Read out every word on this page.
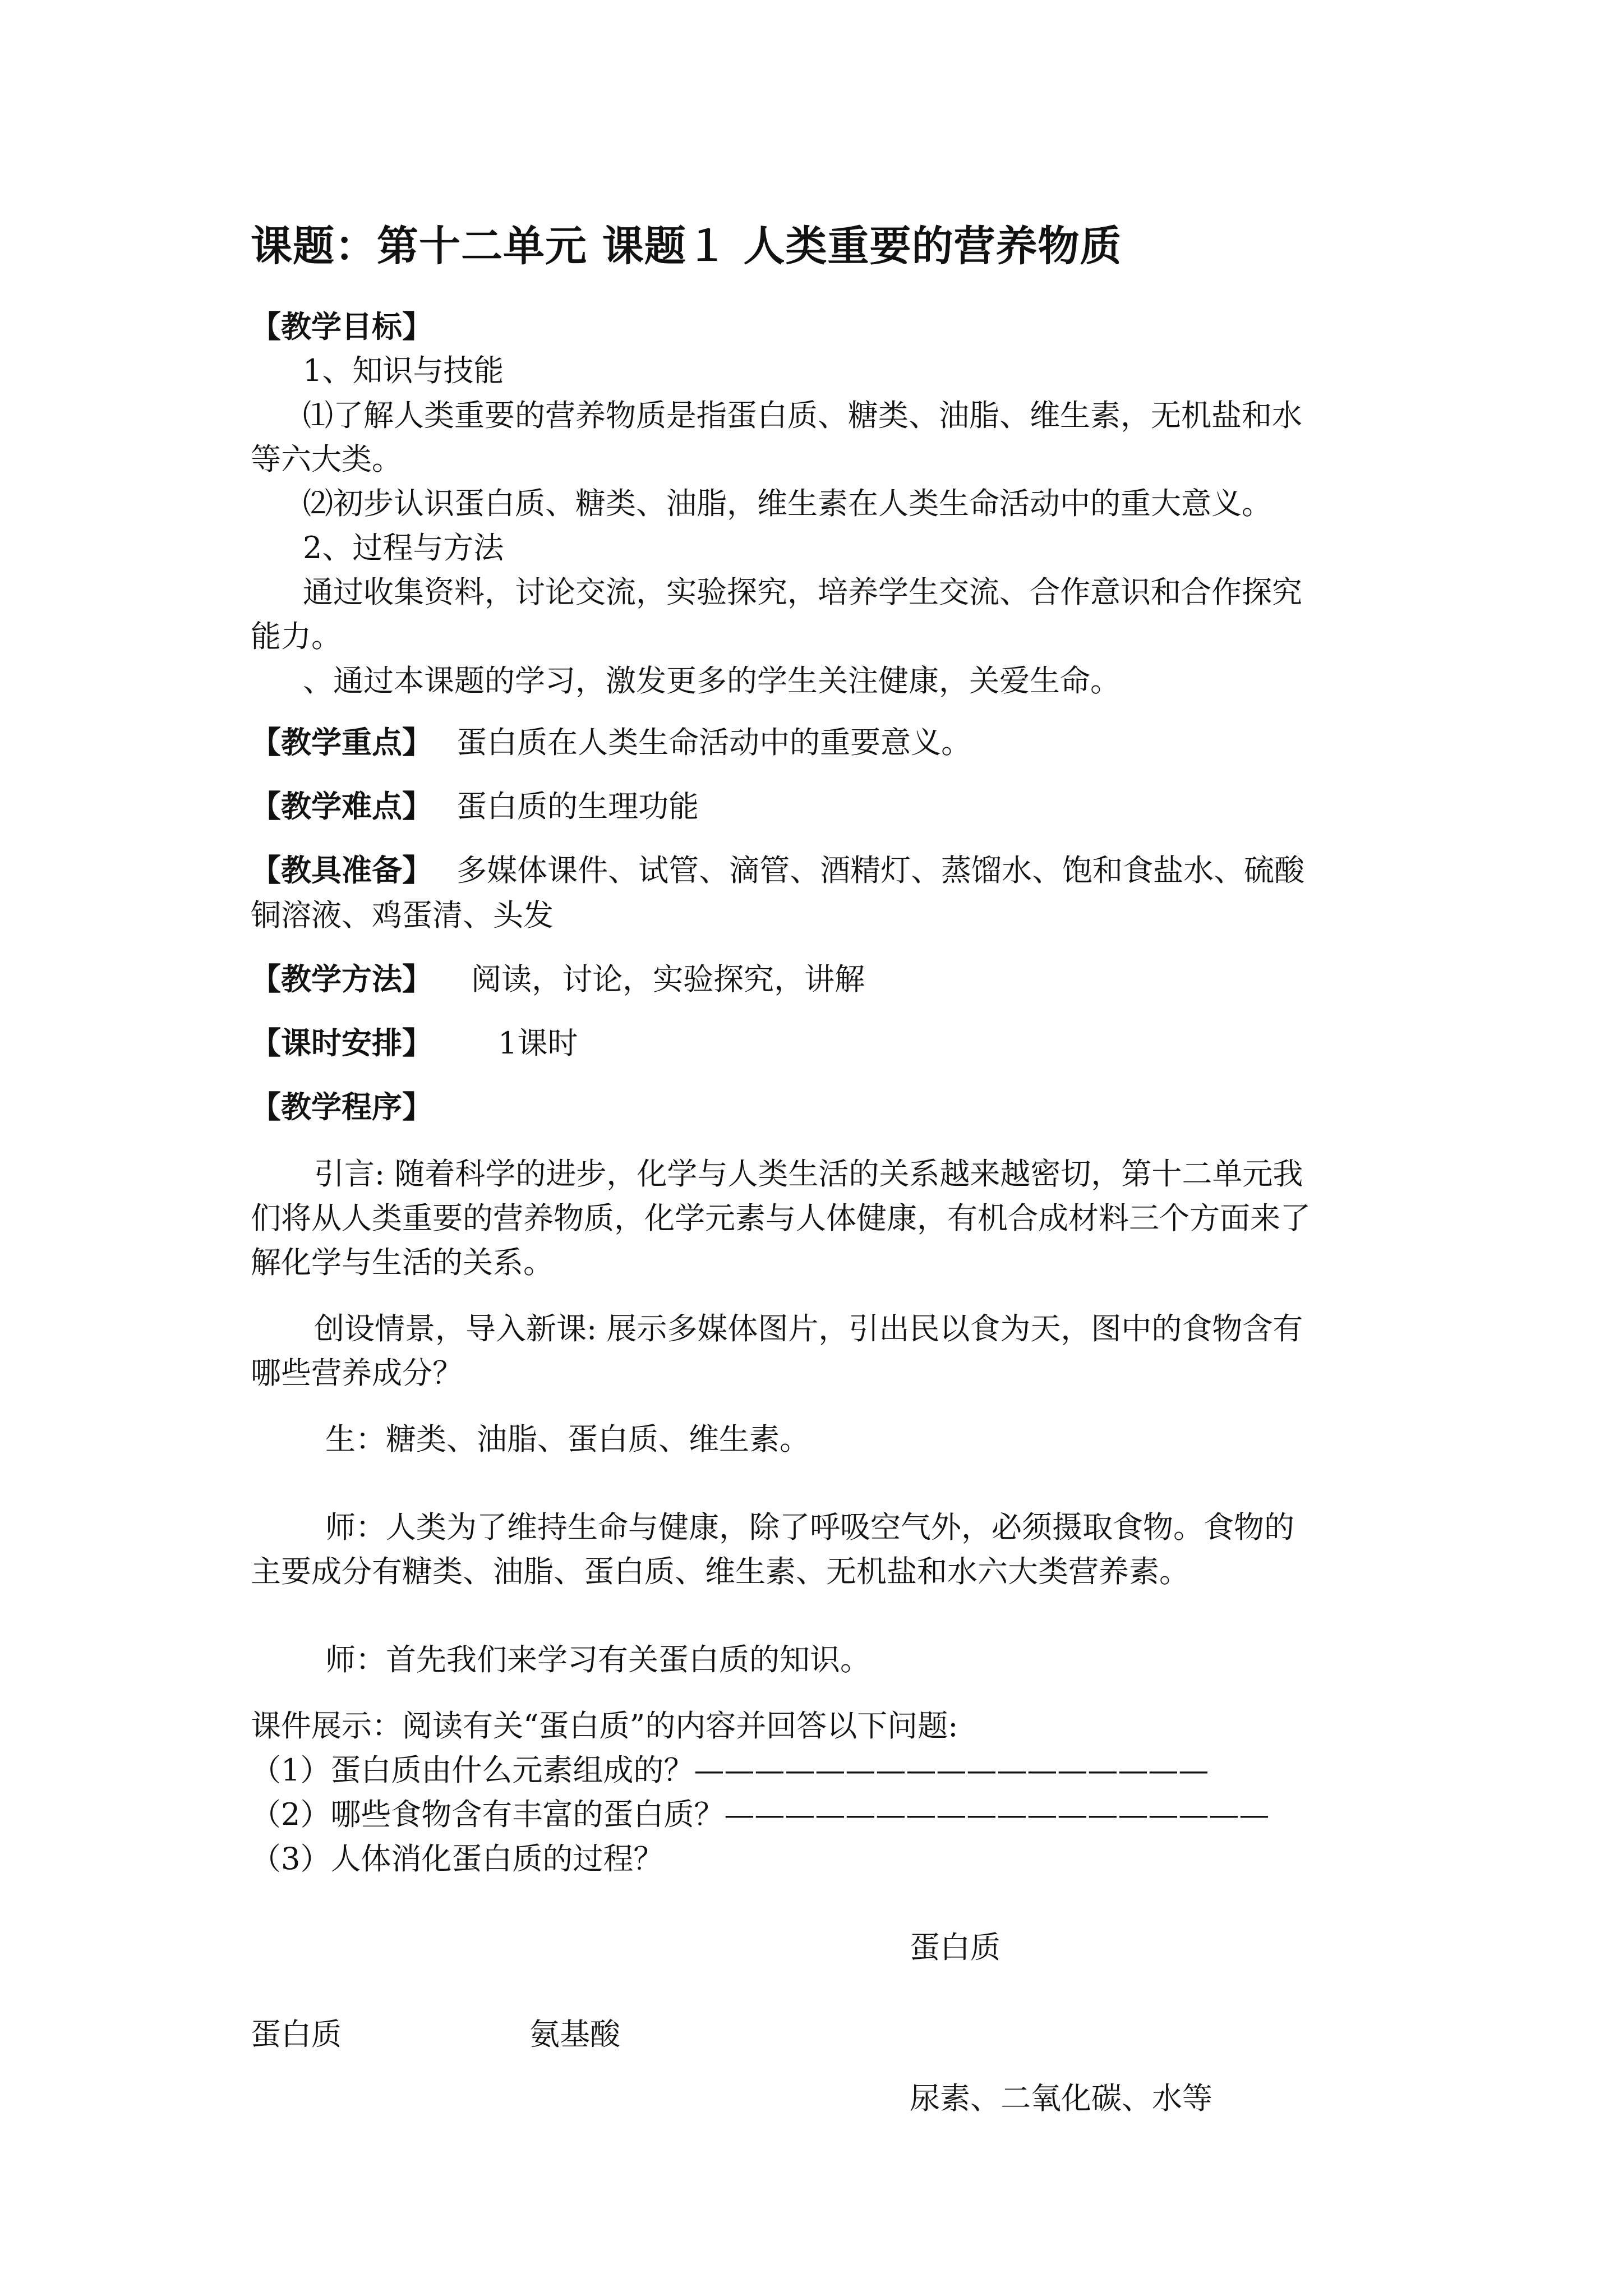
课题：第十二单元 课题１ 人类重要的营养物质
【教学目标】
1、知识与技能
⑴了解人类重要的营养物质是指蛋白质、糖类、油脂、维生素，无机盐和水
等六大类。
⑵初步认识蛋白质、糖类、油脂，维生素在人类生命活动中的重大意义。
2、过程与方法
通过收集资料，讨论交流，实验探究，培养学生交流、合作意识和合作探究
能力。
、通过本课题的学习，激发更多的学生关注健康，关爱生命。
【教学重点】 蛋白质在人类生命活动中的重要意义。
【教学难点】 蛋白质的生理功能
【教具准备】 多媒体课件、试管、滴管、酒精灯、蒸馏水、饱和食盐水、硫酸
铜溶液、鸡蛋清、头发
【教学方法】 阅读，讨论，实验探究，讲解
【课时安排】 1课时
【教学程序】
引言: 随着科学的进步，化学与人类生活的关系越来越密切，第十二单元我
们将从人类重要的营养物质，化学元素与人体健康，有机合成材料三个方面来了
解化学与生活的关系。
创设情景，导入新课: 展示多媒体图片，引出民以食为天，图中的食物含有
哪些营养成分？
生：糖类、油脂、蛋白质、维生素。
师：人类为了维持生命与健康，除了呼吸空气外，必须摄取食物。食物的
主要成分有糖类、油脂、蛋白质、维生素、无机盐和水六大类营养素。
师：首先我们来学习有关蛋白质的知识。
课件展示：阅读有关“蛋白质”的内容并回答以下问题:
（1）蛋白质由什么元素组成的？—————————————————
（2）哪些食物含有丰富的蛋白质？——————————————————
（3）人体消化蛋白质的过程？
蛋白质
蛋白质	氨基酸
尿素、二氧化碳、水等
